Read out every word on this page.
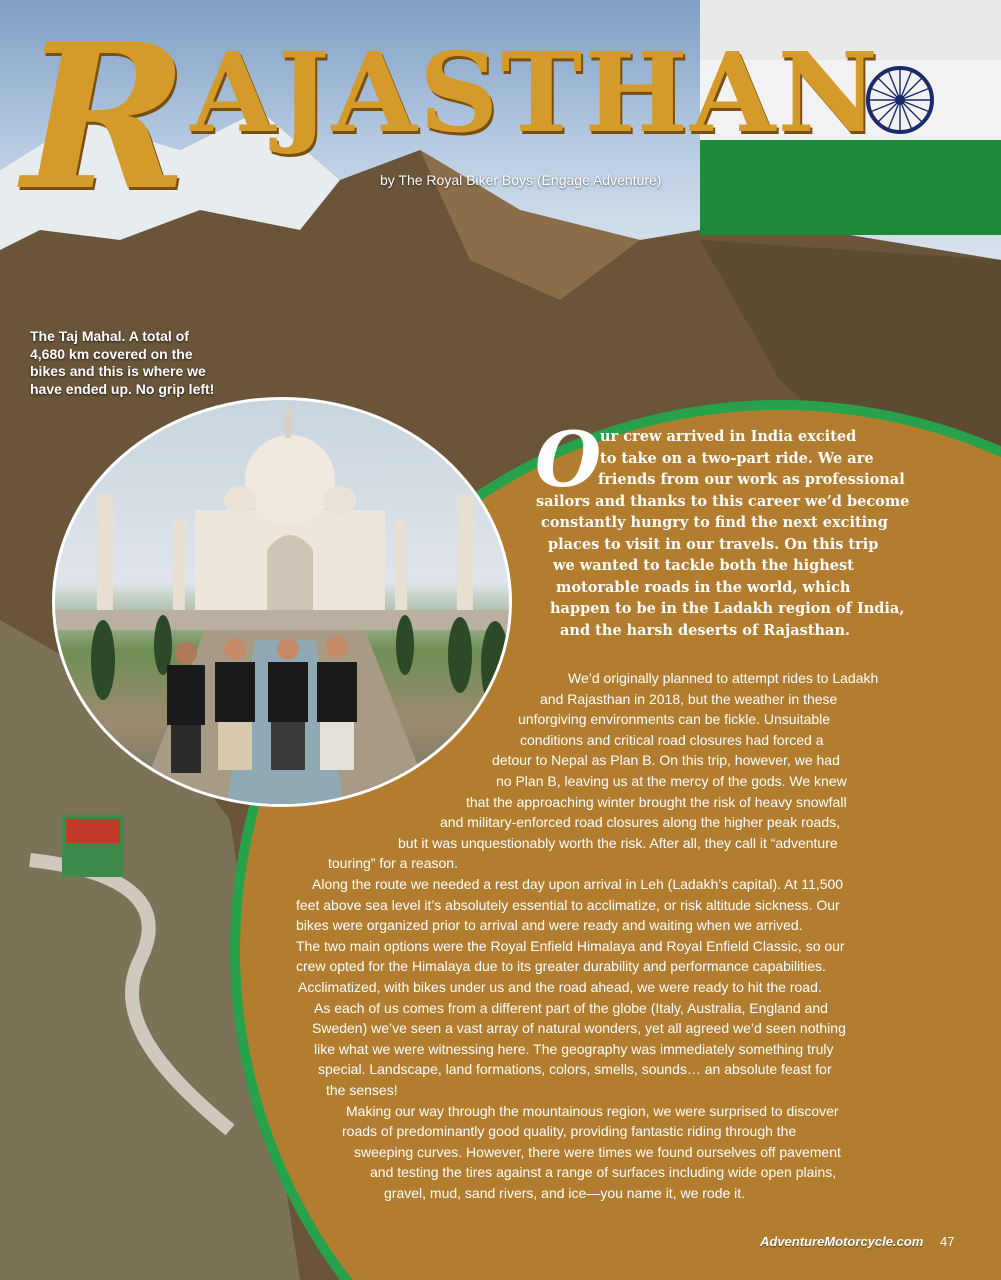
RAJASTHAN

by The Royal Biker Boys (Engage Adventure)

The Taj Mahal. A total of 4,680 km covered on the bikes and this is where we have ended up. No grip left!

O

ur crew arrived in India excited

to take on a two-part ride. We are

friends from our work as professional

sailors and thanks to this career we’d become

constantly hungry to find the next exciting

places to visit in our travels. On this trip

we wanted to tackle both the highest

motorable roads in the world, which

happen to be in the Ladakh region of India,

and the harsh deserts of Rajasthan.

We’d originally planned to attempt rides to Ladakh

and Rajasthan in 2018, but the weather in these

unforgiving environments can be fickle. Unsuitable

conditions and critical road closures had forced a

detour to Nepal as Plan B. On this trip, however, we had

no Plan B, leaving us at the mercy of the gods. We knew

that the approaching winter brought the risk of heavy snowfall

and military-enforced road closures along the higher peak roads,

but it was unquestionably worth the risk. After all, they call it “adventure

touring” for a reason.

Along the route we needed a rest day upon arrival in Leh (Ladakh’s capital). At 11,500

feet above sea level it’s absolutely essential to acclimatize, or risk altitude sickness. Our

bikes were organized prior to arrival and were ready and waiting when we arrived.

The two main options were the Royal Enfield Himalaya and Royal Enfield Classic, so our

crew opted for the Himalaya due to its greater durability and performance capabilities.

Acclimatized, with bikes under us and the road ahead, we were ready to hit the road.

As each of us comes from a different part of the globe (Italy, Australia, England and

Sweden) we’ve seen a vast array of natural wonders, yet all agreed we’d seen nothing

like what we were witnessing here. The geography was immediately something truly

special. Landscape, land formations, colors, smells, sounds… an absolute feast for

the senses!

Making our way through the mountainous region, we were surprised to discover

roads of predominantly good quality, providing fantastic riding through the

sweeping curves. However, there were times we found ourselves off pavement

and testing the tires against a range of surfaces including wide open plains,

gravel, mud, sand rivers, and ice—you name it, we rode it.

AdventureMotorcycle.com	47
